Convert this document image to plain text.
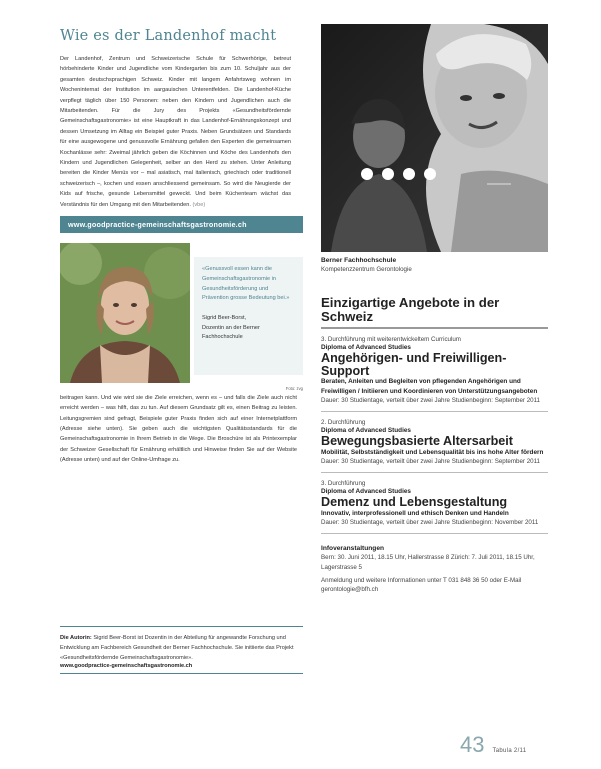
Wie es der Landenhof macht
Der Landenhof, Zentrum und Schweizerische Schule für Schwerhörige, betreut hörbehinderte Kinder und Jugendliche vom Kindergarten bis zum 10. Schuljahr aus der gesamten deutschsprachigen Schweiz. Kinder mit langem Anfahrtsweg wohnen im Wocheninternat der Institution im aargauischen Unterentfelden. Die Landenhof-Küche verpflegt täglich über 150 Personen: neben den Kindern und Jugendlichen auch die Mitarbeitenden. Für die Jury des Projekts «Gesundheitsfördernde Gemeinschaftsgastronomie» ist eine Hauptkraft in das Landenhof-Ernährungskonzept und dessen Umsetzung im Alltag ein Beispiel guter Praxis. Neben Grundsätzen und Standards für eine ausgewogene und genussvolle Ernährung gefallen den Experten die gemeinsamen Kochanlässe sehr: Zweimal jährlich geben die Köchinnen und Köche des Landenhofs den Kindern und Jugendlichen Gelegenheit, selber an den Herd zu stehen. Unter Anleitung bereiten die Kinder Menüs vor – mal asiatisch, mal italienisch, griechisch oder traditionell schweizerisch –, kochen und essen anschliessend gemeinsam. So wird die Neugierde der Kids auf frische, gesunde Lebensmittel geweckt. Und beim Küchenteam wächst das Verständnis für den Umgang mit den Mitarbeitenden. (vbe)
www.goodpractice-gemeinschaftsgastronomie.ch
«Genussvoll essen kann die Gemeinschaftsgastronomie in Gesundheitsförderung und Prävention grosse Bedeutung bei.»
Sigrid Beer-Borst,
Dozentin an der Berner Fachhochschule
Foto: zvg
beitragen kann. Und wie wird sie die Ziele erreichen, wenn es – und falls die Ziele auch nicht erreicht werden – was hilft, das zu tun. Auf diesem Grundsatz gilt es, einen Beitrag zu leisten. Leitungsgremien sind gefragt, Beispiele guter Praxis finden sich auf einer Internetplattform (Adresse siehe unten). Sie geben auch die wichtigsten Qualitätsstandards für die Gemeinschaftsgastronomie in Ihrem Betrieb in die Wege. Die Broschüre ist als Printexemplar der Schweizer Gesellschaft für Ernährung erhältlich und Hinweise finden Sie auf der Website (Adresse unten) und auf der Online-Umfrage zu.
Die Autorin: Sigrid Beer-Borst ist Dozentin in der Abteilung für angewandte Forschung und Entwicklung am Fachbereich Gesundheit der Berner Fachhochschule. Sie initiierte das Projekt «Gesundheitsfördernde Gemeinschaftsgastronomie».
www.goodpractice-gemeinschaftsgastronomie.ch
Berner Fachhochschule
Kompetenzzentrum Gerontologie
Einzigartige Angebote in der Schweiz
3. Durchführung mit weiterentwickeltem Curriculum
Diploma of Advanced Studies
Angehörigen- und Freiwilligen-Support
Beraten, Anleiten und Begleiten von pflegenden Angehörigen und Freiwilligen / Initiieren und Koordinieren von Unterstützungsangeboten
Dauer: 30 Studientage, verteilt über zwei Jahre Studienbeginn: September 2011
2. Durchführung
Diploma of Advanced Studies
Bewegungsbasierte Altersarbeit
Mobilität, Selbstständigkeit und Lebensqualität bis ins hohe Alter fördern
Dauer: 30 Studientage, verteilt über zwei Jahre Studienbeginn: September 2011
3. Durchführung
Diploma of Advanced Studies
Demenz und Lebensgestaltung
Innovativ, interprofessionell und ethisch Denken und Handeln
Dauer: 30 Studientage, verteilt über zwei Jahre Studienbeginn: November 2011
Infoveranstaltungen
Bern: 30. Juni 2011, 18.15 Uhr, Hallerstrasse 8 Zürich: 7. Juli 2011, 18.15 Uhr, Lagerstrasse 5
Anmeldung und weitere Informationen unter T 031 848 36 50 oder E-Mail gerontologie@bfh.ch
43 Tabula 2/11
